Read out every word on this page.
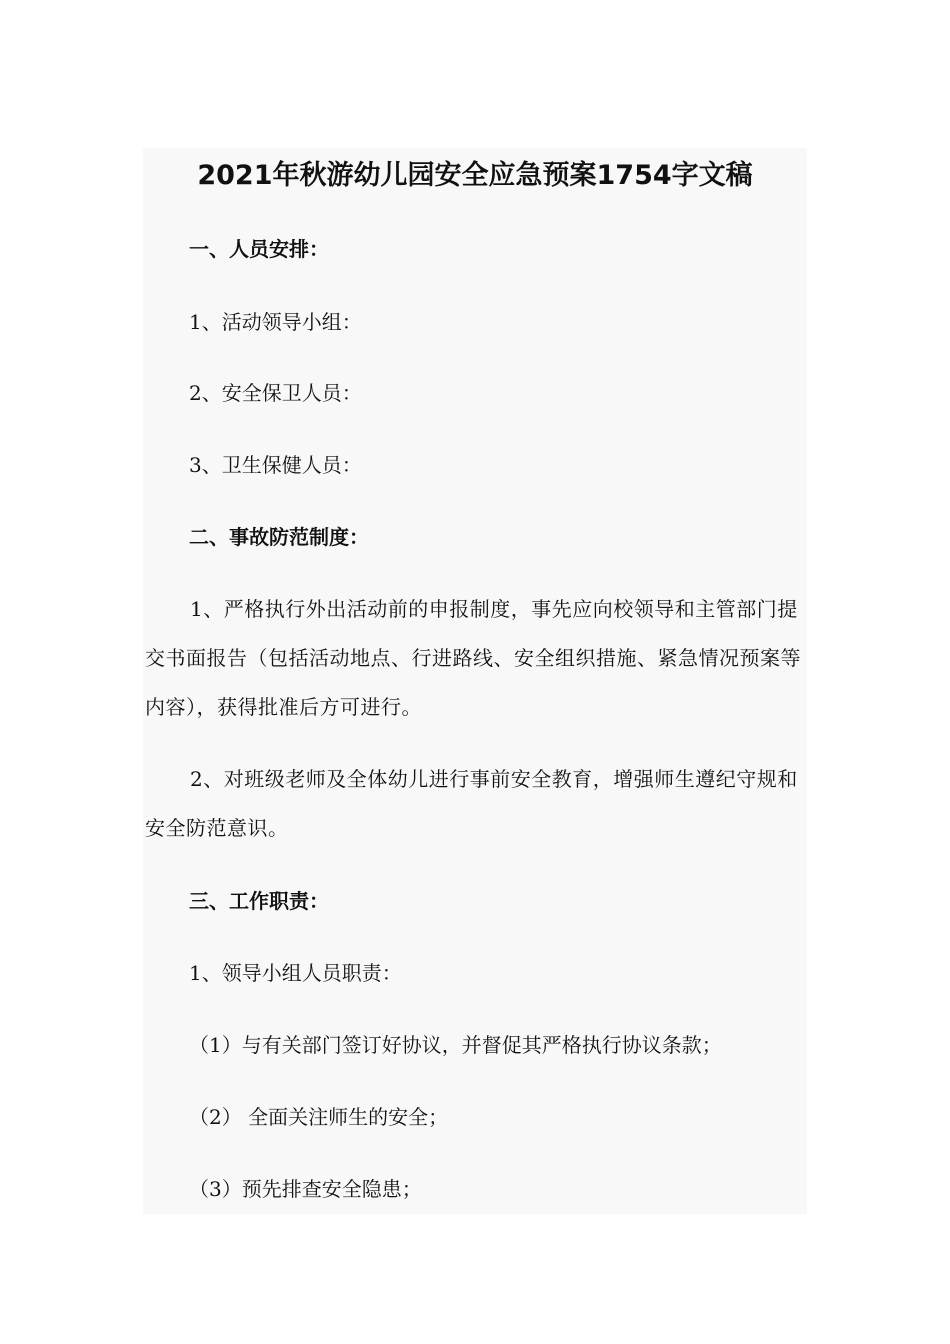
2021年秋游幼儿园安全应急预案1754字文稿
一、人员安排：
1、活动领导小组：
2、安全保卫人员：
3、卫生保健人员：
二、事故防范制度：
1、严格执行外出活动前的申报制度，事先应向校领导和主管部门提交书面报告（包括活动地点、行进路线、安全组织措施、紧急情况预案等内容），获得批准后方可进行。
2、对班级老师及全体幼儿进行事前安全教育，增强师生遵纪守规和安全防范意识。
三、工作职责：
1、领导小组人员职责：
（1）与有关部门签订好协议，并督促其严格执行协议条款；
（2） 全面关注师生的安全；
（3）预先排查安全隐患；
